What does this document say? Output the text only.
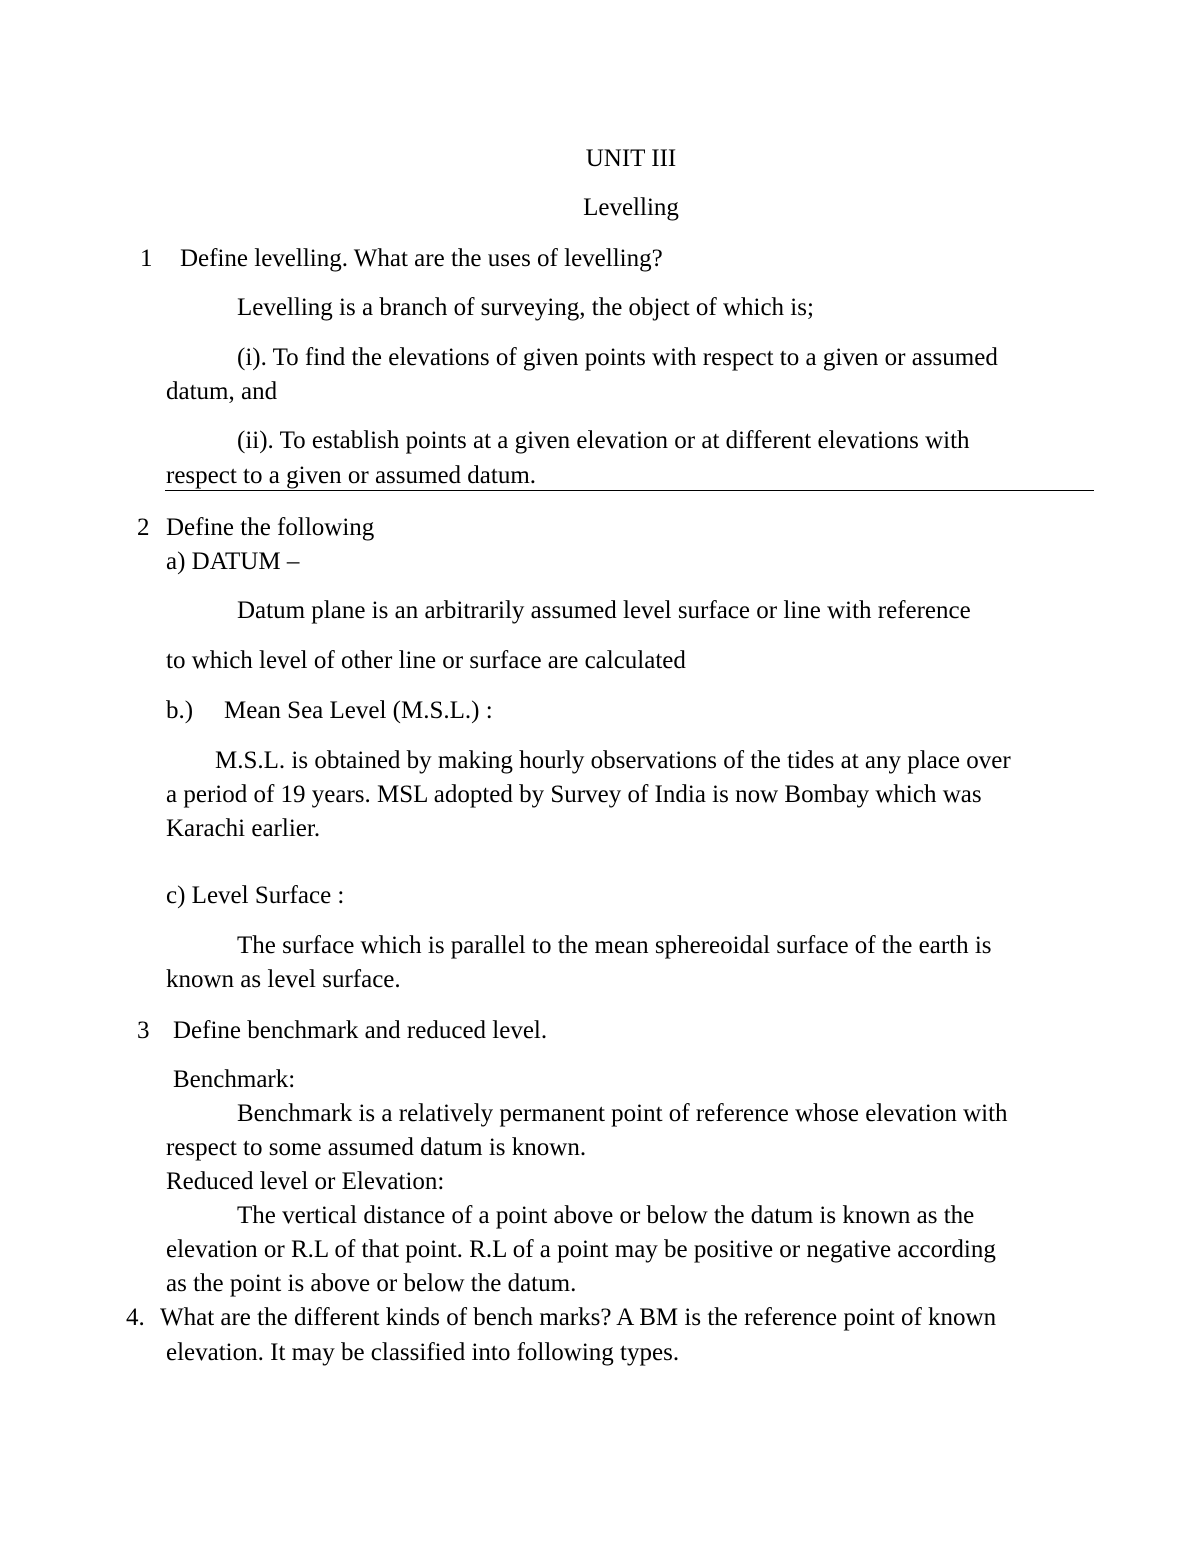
UNIT III
Levelling
1 Define levelling. What are the uses of levelling?
Levelling is a branch of surveying, the object of which is;
(i). To find the elevations of given points with respect to a given or assumed
datum, and
(ii). To establish points at a given elevation or at different elevations with
respect to a given or assumed datum.
2 Define the following
a) DATUM –
Datum plane is an arbitrarily assumed level surface or line with reference
to which level of other line or surface are calculated
b.) Mean Sea Level (M.S.L.) :
M.S.L. is obtained by making hourly observations of the tides at any place over
a period of 19 years. MSL adopted by Survey of India is now Bombay which was
Karachi earlier.
c) Level Surface :
The surface which is parallel to the mean sphereoidal surface of the earth is
known as level surface.
3 Define benchmark and reduced level.
Benchmark:
Benchmark is a relatively permanent point of reference whose elevation with
respect to some assumed datum is known.
Reduced level or Elevation:
The vertical distance of a point above or below the datum is known as the
elevation or R.L of that point. R.L of a point may be positive or negative according
as the point is above or below the datum.
4. What are the different kinds of bench marks? A BM is the reference point of known
elevation. It may be classified into following types.
